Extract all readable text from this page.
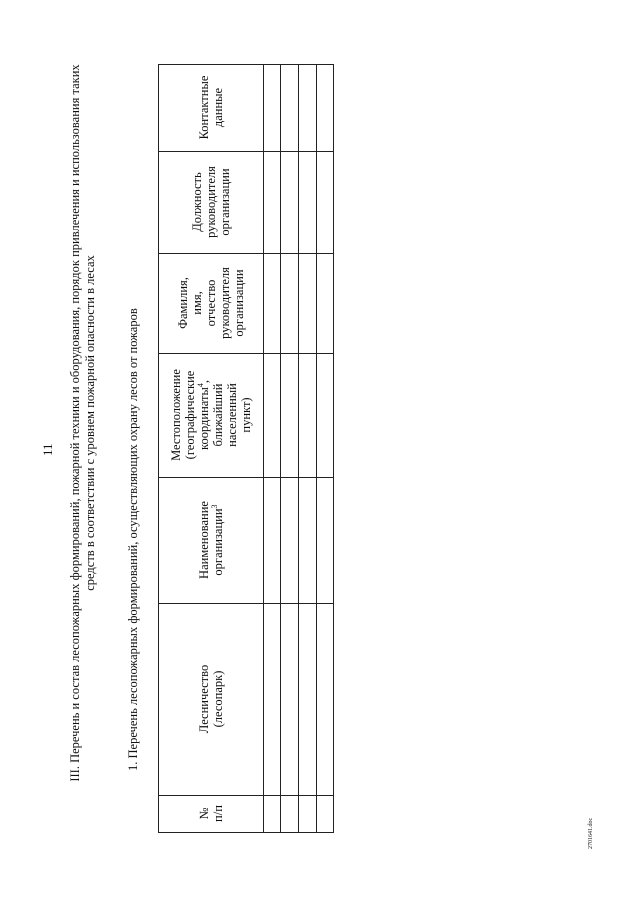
11 III. Перечень и состав лесопожарных формирований, пожарной техники и оборудования, порядок привлечения и использования таких средств в соответствии с уровнем пожарной опасности в лесах 1. Перечень лесопожарных формирований, осуществляющих охрану лесов от пожаров
2701641.doc
№
п/п
Лесничество
(лесопарк)
Наименование
организации$^3$
Местоположение
(географические
координаты$^4$,
ближайший
населенный
пункт)
Фамилия,
имя,
отчество
руководителя
организации
Должность
руководителя
организации
Контактные
данные
